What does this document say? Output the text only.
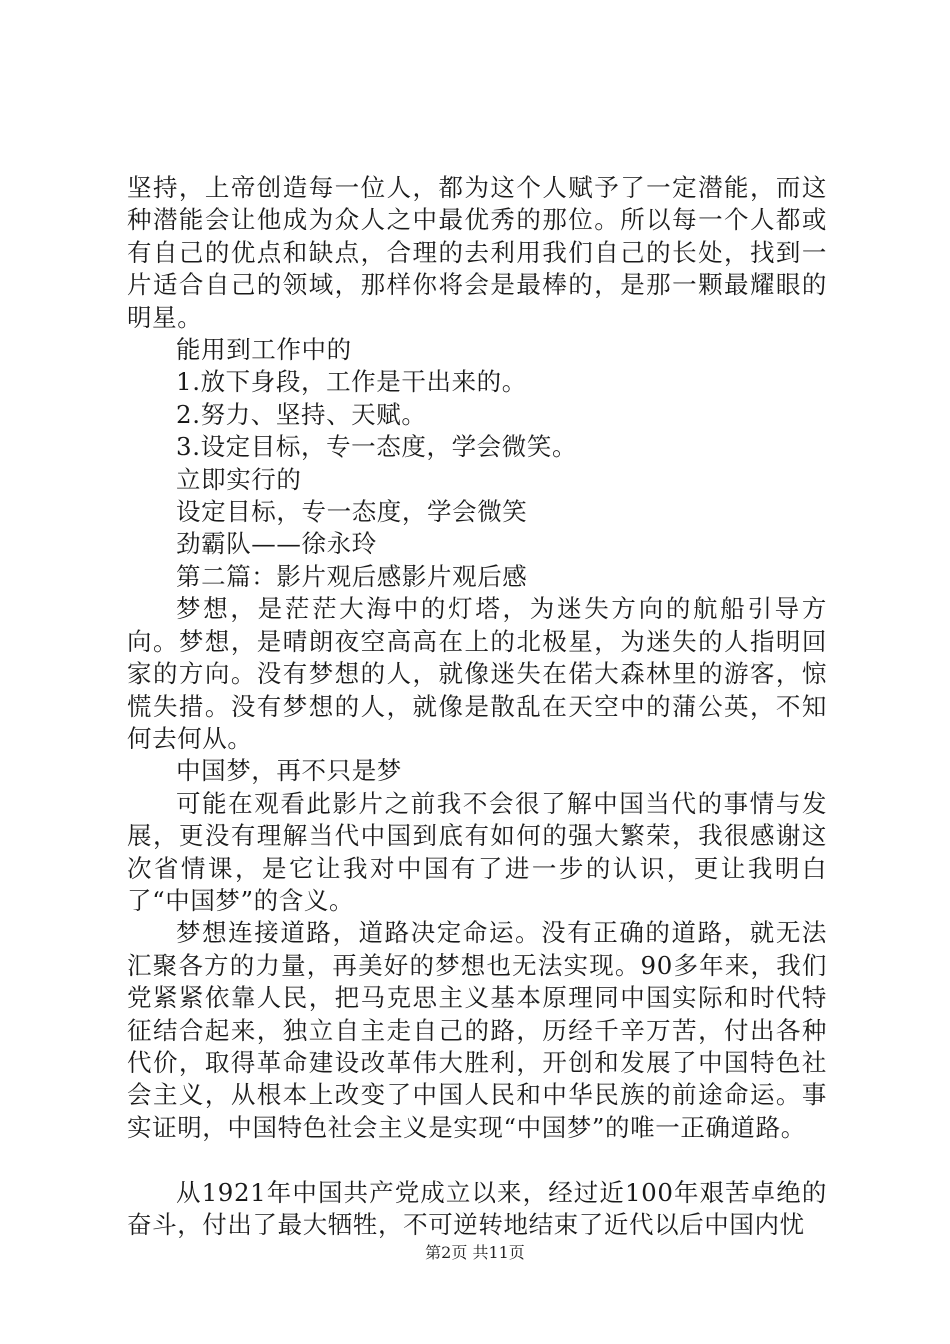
坚持，上帝创造每一位人，都为这个人赋予了一定潜能，而这种潜能会让他成为众人之中最优秀的那位。所以每一个人都或有自己的优点和缺点，合理的去利用我们自己的长处，找到一片适合自己的领域，那样你将会是最棒的，是那一颗最耀眼的明星。

能用到工作中的

1.放下身段，工作是干出来的。

2.努力、坚持、天赋。

3.设定目标，专一态度，学会微笑。

立即实行的

设定目标，专一态度，学会微笑

劲霸队——徐永玲

第二篇：影片观后感影片观后感

梦想，是茫茫大海中的灯塔，为迷失方向的航船引导方向。梦想，是晴朗夜空高高在上的北极星，为迷失的人指明回家的方向。没有梦想的人，就像迷失在偌大森林里的游客，惊慌失措。没有梦想的人，就像是散乱在天空中的蒲公英，不知何去何从。

中国梦，再不只是梦

可能在观看此影片之前我不会很了解中国当代的事情与发展，更没有理解当代中国到底有如何的强大繁荣，我很感谢这次省情课，是它让我对中国有了进一步的认识，更让我明白了“中国梦”的含义。

梦想连接道路，道路决定命运。没有正确的道路，就无法汇聚各方的力量，再美好的梦想也无法实现。90多年来，我们党紧紧依靠人民，把马克思主义基本原理同中国实际和时代特征结合起来，独立自主走自己的路，历经千辛万苦，付出各种代价，取得革命建设改革伟大胜利，开创和发展了中国特色社会主义，从根本上改变了中国人民和中华民族的前途命运。事实证明，中国特色社会主义是实现“中国梦”的唯一正确道路。

从1921年中国共产党成立以来，经过近100年艰苦卓绝的奋斗，付出了最大牺牲，不可逆转地结束了近代以后中国内忧

第2页 共11页
